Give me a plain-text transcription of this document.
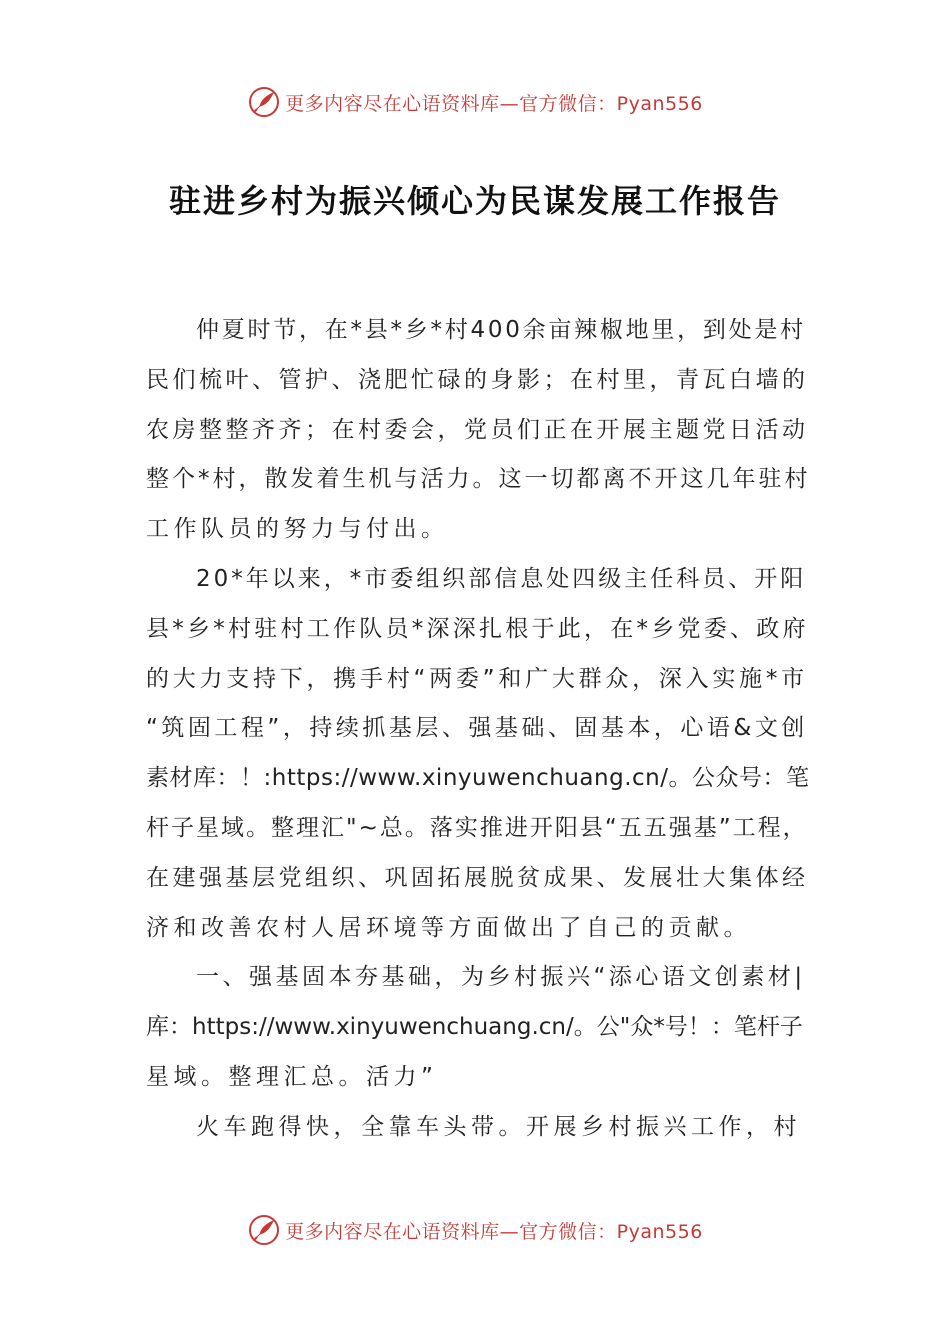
更多内容尽在心语资料库—官方微信：Pyan556
驻进乡村为振兴倾心为民谋发展工作报告
仲夏时节，在*县*乡*村400余亩辣椒地里，到处是村
民们梳叶、管护、浇肥忙碌的身影；在村里，青瓦白墙的
农房整整齐齐；在村委会，党员们正在开展主题党日活动
整个*村，散发着生机与活力。这一切都离不开这几年驻村
工作队员的努力与付出。
20*年以来，*市委组织部信息处四级主任科员、开阳
县*乡*村驻村工作队员*深深扎根于此，在*乡党委、政府
的大力支持下，携手村“两委”和广大群众，深入实施*市
“筑固工程”，持续抓基层、强基础、固基本，心语&文创
素材库：！:https://www.xinyuwenchuang.cn/。公众号：笔
杆子星域。整理汇"~总。落实推进开阳县“五五强基”工程，
在建强基层党组织、巩固拓展脱贫成果、发展壮大集体经
济和改善农村人居环境等方面做出了自己的贡献。
一、强基固本夯基础，为乡村振兴“添心语文创素材|
库：https://www.xinyuwenchuang.cn/。公"众*号！：笔杆子
星域。整理汇总。活力”
火车跑得快，全靠车头带。开展乡村振兴工作，村
更多内容尽在心语资料库—官方微信：Pyan556
